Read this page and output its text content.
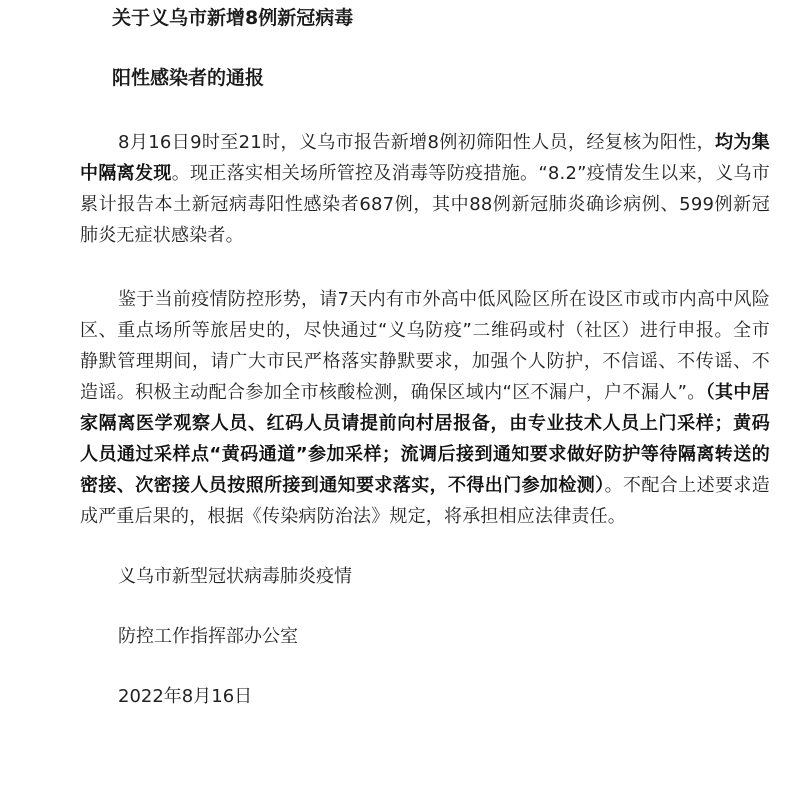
关于义乌市新增8例新冠病毒
阳性感染者的通报

8月16日9时至21时，义乌市报告新增8例初筛阳性人员，经复核为阳性，均为集中隔离发现。现正落实相关场所管控及消毒等防疫措施。“8.2”疫情发生以来，义乌市累计报告本土新冠病毒阳性感染者687例，其中88例新冠肺炎确诊病例、599例新冠肺炎无症状感染者。

鉴于当前疫情防控形势，请7天内有市外高中低风险区所在设区市或市内高中风险区、重点场所等旅居史的，尽快通过“义乌防疫”二维码或村（社区）进行申报。全市静默管理期间，请广大市民严格落实静默要求，加强个人防护，不信谣、不传谣、不造谣。积极主动配合参加全市核酸检测，确保区域内“区不漏户，户不漏人”。（其中居家隔离医学观察人员、红码人员请提前向村居报备，由专业技术人员上门采样；黄码人员通过采样点“黄码通道”参加采样；流调后接到通知要求做好防护等待隔离转送的密接、次密接人员按照所接到通知要求落实，不得出门参加检测）。不配合上述要求造成严重后果的，根据《传染病防治法》规定，将承担相应法律责任。

义乌市新型冠状病毒肺炎疫情
防控工作指挥部办公室
2022年8月16日
